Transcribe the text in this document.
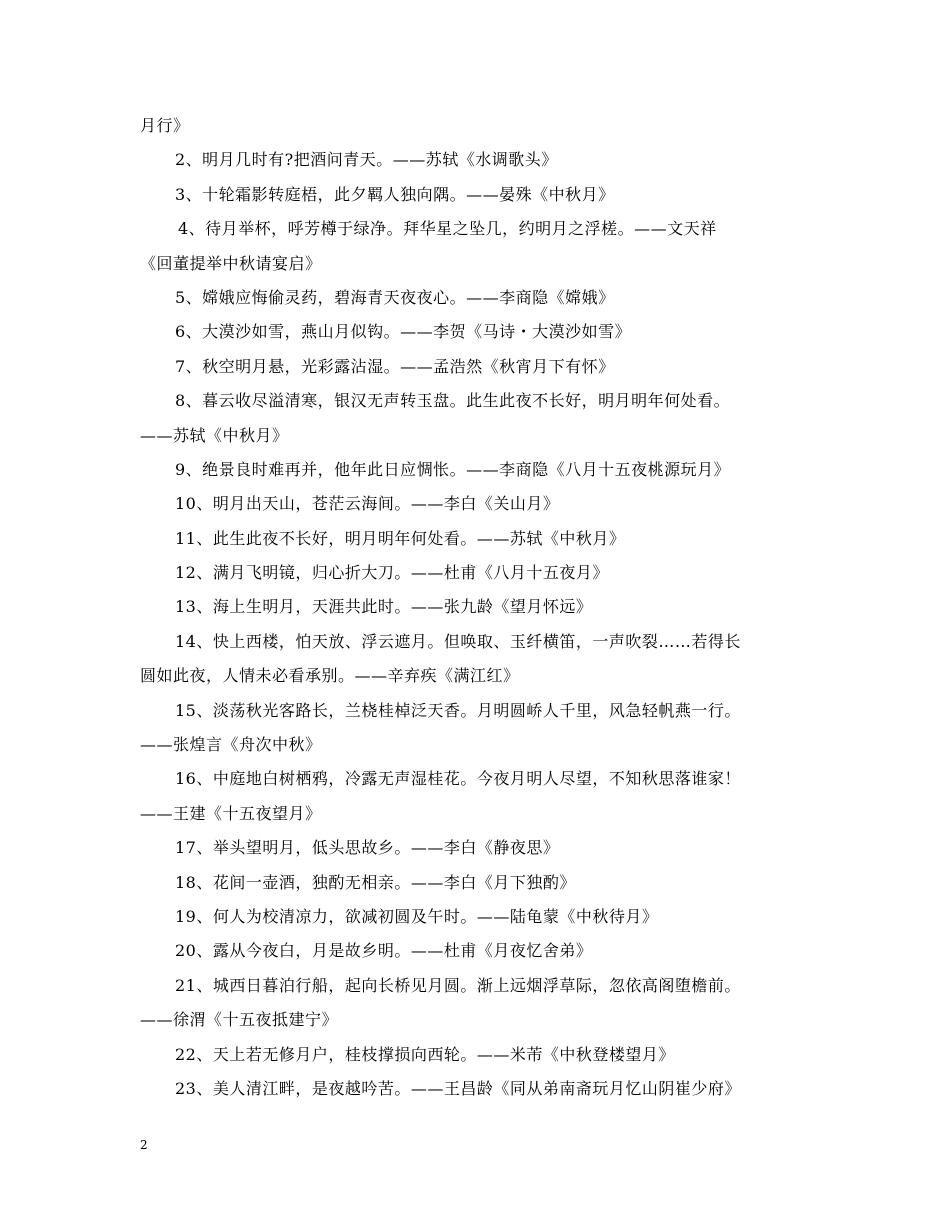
月行》
2、明月几时有?把酒问青天。——苏轼《水调歌头》
3、十轮霜影转庭梧，此夕羁人独向隅。——晏殊《中秋月》
4、待月举杯，呼芳樽于绿净。拜华星之坠几，约明月之浮槎。——文天祥
《回董提举中秋请宴启》
5、嫦娥应悔偷灵药，碧海青天夜夜心。——李商隐《嫦娥》
6、大漠沙如雪，燕山月似钩。——李贺《马诗・大漠沙如雪》
7、秋空明月悬，光彩露沾湿。——孟浩然《秋宵月下有怀》
8、暮云收尽溢清寒，银汉无声转玉盘。此生此夜不长好，明月明年何处看。
——苏轼《中秋月》
9、绝景良时难再并，他年此日应惆怅。——李商隐《八月十五夜桃源玩月》
10、明月出天山，苍茫云海间。——李白《关山月》
11、此生此夜不长好，明月明年何处看。——苏轼《中秋月》
12、满月飞明镜，归心折大刀。——杜甫《八月十五夜月》
13、海上生明月，天涯共此时。——张九龄《望月怀远》
14、快上西楼，怕天放、浮云遮月。但唤取、玉纤横笛，一声吹裂……若得长
圆如此夜，人情未必看承别。——辛弃疾《满江红》
15、淡荡秋光客路长，兰桡桂棹泛天香。月明圆峤人千里，风急轻帆燕一行。
——张煌言《舟次中秋》
16、中庭地白树栖鸦，冷露无声湿桂花。今夜月明人尽望，不知秋思落谁家！
——王建《十五夜望月》
17、举头望明月，低头思故乡。——李白《静夜思》
18、花间一壶酒，独酌无相亲。——李白《月下独酌》
19、何人为校清凉力，欲减初圆及午时。——陆龟蒙《中秋待月》
20、露从今夜白，月是故乡明。——杜甫《月夜忆舍弟》
21、城西日暮泊行船，起向长桥见月圆。渐上远烟浮草际，忽依高阁堕檐前。
——徐渭《十五夜抵建宁》
22、天上若无修月户，桂枝撑损向西轮。——米芾《中秋登楼望月》
23、美人清江畔，是夜越吟苦。——王昌龄《同从弟南斋玩月忆山阴崔少府》
2
